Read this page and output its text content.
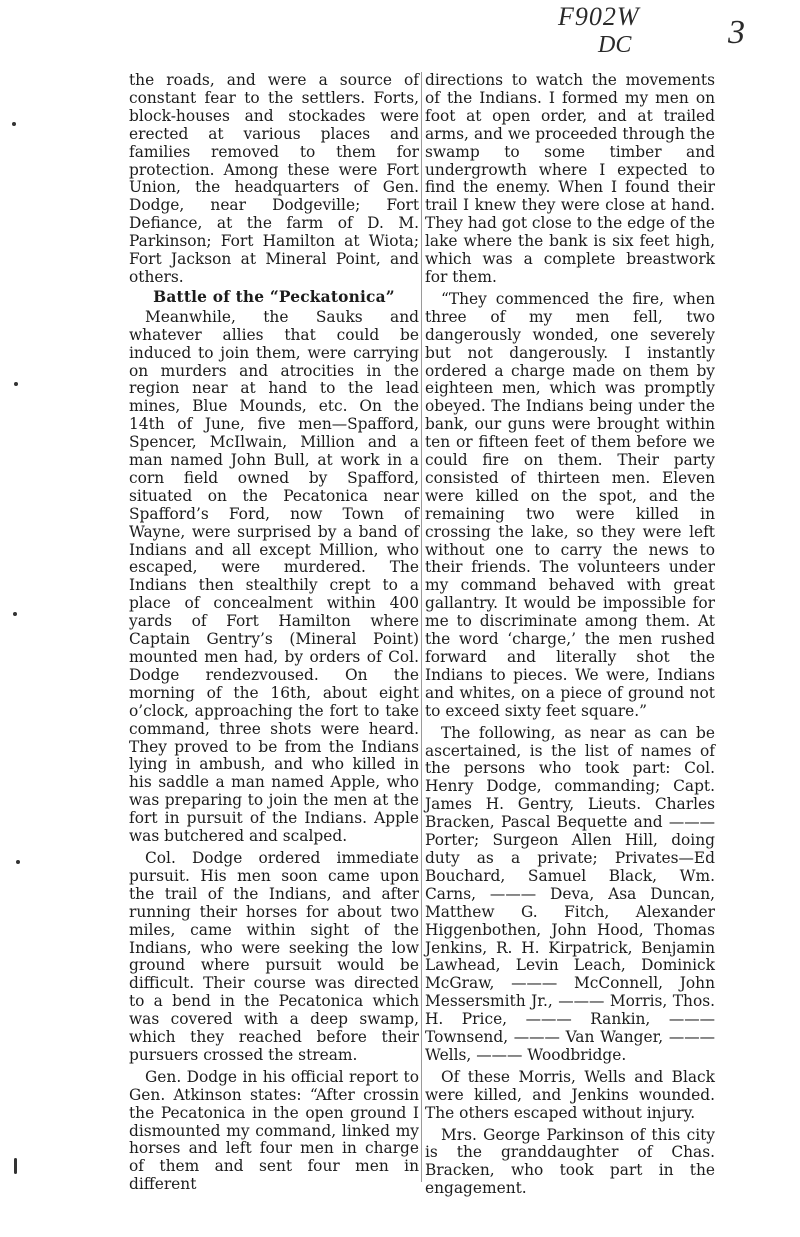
F902W
DC	3

the roads, and were a source of constant fear to the settlers. Forts, block-houses and stockades were erected at various places and families removed to them for protection. Among these were Fort Union, the headquarters of Gen. Dodge, near Dodgeville; Fort Defiance, at the farm of D. M. Parkinson; Fort Hamilton at Wiota; Fort Jackson at Mineral Point, and others.

Battle of the “Peckatonica”

Meanwhile, the Sauks and whatever allies that could be induced to join them, were carrying on murders and atrocities in the region near at hand to the lead mines, Blue Mounds, etc. On the 14th of June, five men—Spafford, Spencer, McIlwain, Million and a man named John Bull, at work in a corn field owned by Spafford, situated on the Pecatonica near Spafford’s Ford, now Town of Wayne, were surprised by a band of Indians and all except Million, who escaped, were murdered. The Indians then stealthily crept to a place of concealment within 400 yards of Fort Hamilton where Captain Gentry’s (Mineral Point) mounted men had, by orders of Col. Dodge rendezvoused. On the morning of the 16th, about eight o’clock, approaching the fort to take command, three shots were heard. They proved to be from the Indians lying in ambush, and who killed in his saddle a man named Apple, who was preparing to join the men at the fort in pursuit of the Indians. Apple was butchered and scalped.

Col. Dodge ordered immediate pursuit. His men soon came upon the trail of the Indians, and after running their horses for about two miles, came within sight of the Indians, who were seeking the low ground where pursuit would be difficult. Their course was directed to a bend in the Pecatonica which was covered with a deep swamp, which they reached before their pursuers crossed the stream.

Gen. Dodge in his official report to Gen. Atkinson states: “After crossin the Pecatonica in the open ground I dismounted my command, linked my horses and left four men in charge of them and sent four men in different

directions to watch the movements of the Indians. I formed my men on foot at open order, and at trailed arms, and we proceeded through the swamp to some timber and undergrowth where I expected to find the enemy. When I found their trail I knew they were close at hand. They had got close to the edge of the lake where the bank is six feet high, which was a complete breastwork for them.

“They commenced the fire, when three of my men fell, two dangerously wonded, one severely but not dangerously. I instantly ordered a charge made on them by eighteen men, which was promptly obeyed. The Indians being under the bank, our guns were brought within ten or fifteen feet of them before we could fire on them. Their party consisted of thirteen men. Eleven were killed on the spot, and the remaining two were killed in crossing the lake, so they were left without one to carry the news to their friends. The volunteers under my command behaved with great gallantry. It would be impossible for me to discriminate among them. At the word ‘charge,’ the men rushed forward and literally shot the Indians to pieces. We were, Indians and whites, on a piece of ground not to exceed sixty feet square.”

The following, as near as can be ascertained, is the list of names of the persons who took part: Col. Henry Dodge, commanding; Capt. James H. Gentry, Lieuts. Charles Bracken, Pascal Bequette and ——— Porter; Surgeon Allen Hill, doing duty as a private; Privates—Ed Bouchard, Samuel Black, Wm. Carns, ——— Deva, Asa Duncan, Matthew G. Fitch, Alexander Higgenbothen, John Hood, Thomas Jenkins, R. H. Kirpatrick, Benjamin Lawhead, Levin Leach, Dominick McGraw, ——— McConnell, John Messersmith Jr., ——— Morris, Thos. H. Price, ——— Rankin, ——— Townsend, ——— Van Wanger, ——— Wells, ——— Woodbridge.

Of these Morris, Wells and Black were killed, and Jenkins wounded. The others escaped without injury.

Mrs. George Parkinson of this city is the granddaughter of Chas. Bracken, who took part in the engagement.
